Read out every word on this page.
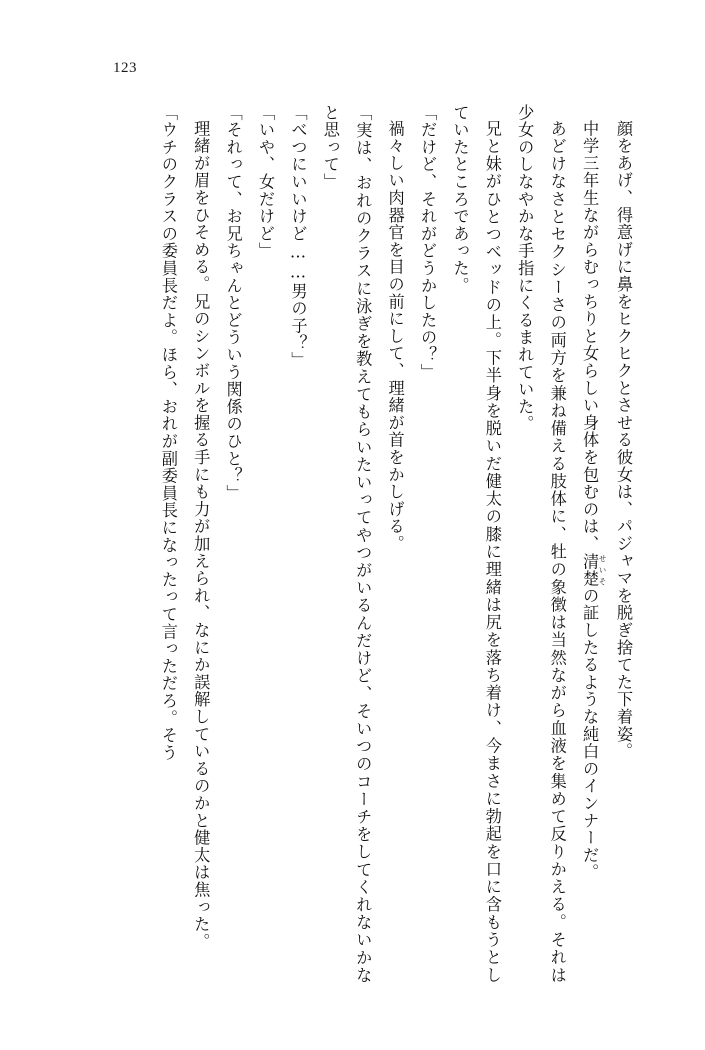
123

顔をあげ、得意げに鼻をヒクヒクとさせる彼女は、パジャマを脱ぎ捨てた下着姿。

中学三年生ながらむっちりと女らしい身体を包むのは、清楚 せいその証したるような純白のインナーだ。

あどけなさとセクシーさの両方を兼ね備える肢体に、牡の象徴は当然ながら血液を集めて反りかえる。それは少女のしなやかな手指にくるまれていた。

兄と妹がひとつベッドの上。下半身を脱いだ健太の膝に理緒は尻を落ち着け、今まさに勃起を口に含もうとしていたところであった。

「だけど、それがどうかしたの？」

禍々しい肉器官を目の前にして、理緒が首をかしげる。

「実は、おれのクラスに泳ぎを教えてもらいたいってやつがいるんだけど、そいつのコーチをしてくれないかなと思って」

「べつにいいけど……男の子？」

「いや、女だけど」

「それって、お兄ちゃんとどういう関係のひと？」

理緒が眉をひそめる。兄のシンボルを握る手にも力が加えられ、なにか誤解しているのかと健太は焦った。

「ウチのクラスの委員長だよ。ほら、おれが副委員長になったって言っただろ。そう
